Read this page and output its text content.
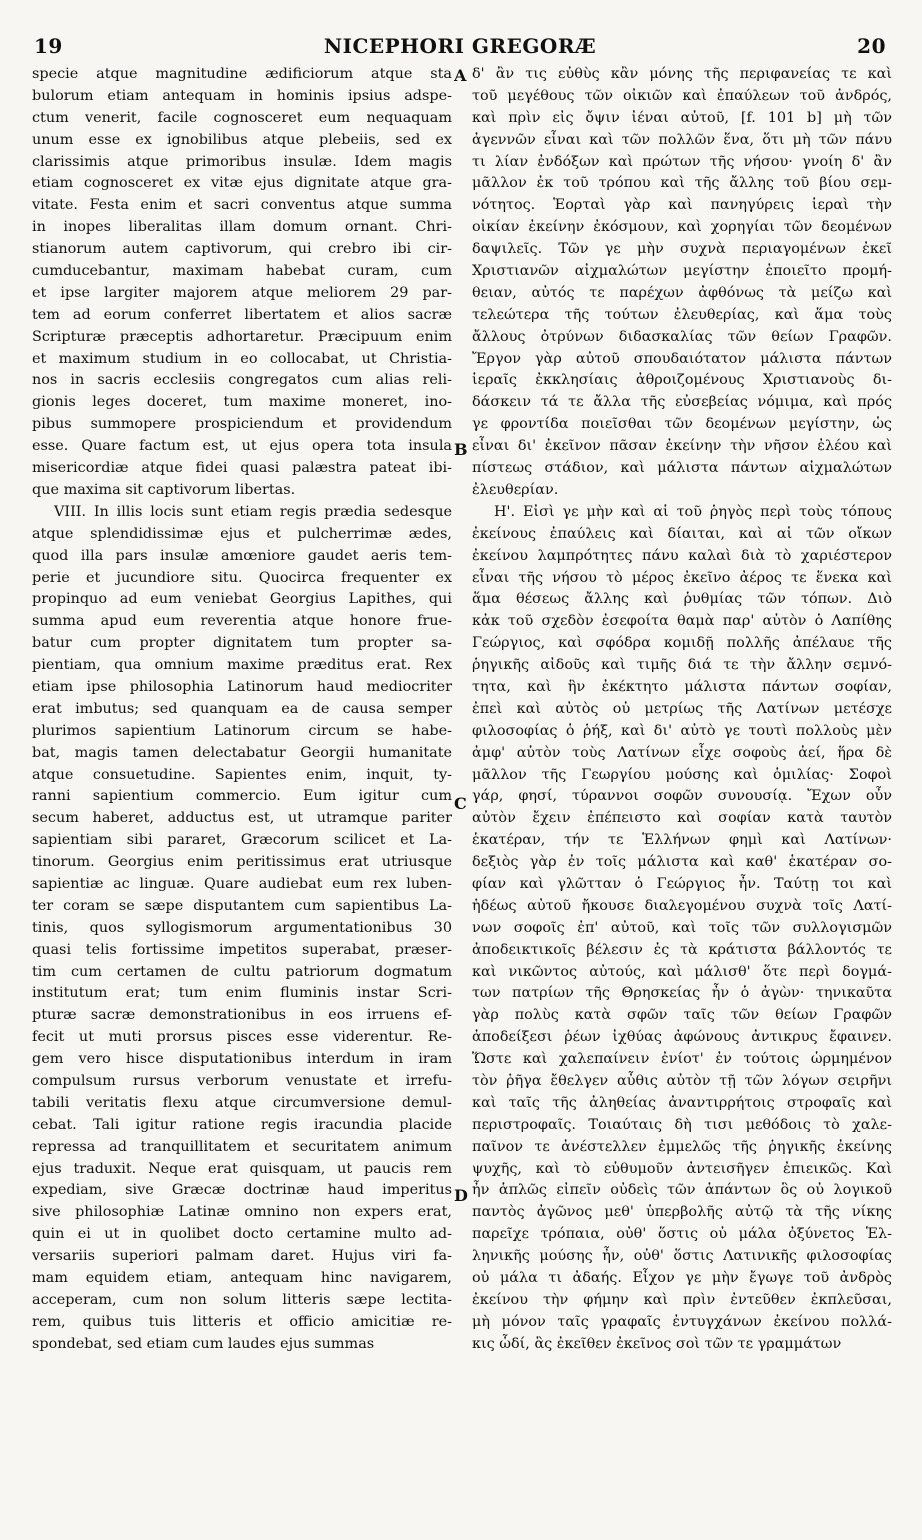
19	NICEPHORI GREGORÆ	20
specie atque magnitudine ædificiorum atque sta
bulorum etiam antequam in hominis ipsius adspe-
ctum venerit, facile cognosceret eum nequaquam
unum esse ex ignobilibus atque plebeiis, sed ex
clarissimis atque primoribus insulæ. Idem magis
etiam cognosceret ex vitæ ejus dignitate atque gra-
vitate. Festa enim et sacri conventus atque summa
in inopes liberalitas illam domum ornant. Chri-
stianorum autem captivorum, qui crebro ibi cir-
cumducebantur, maximam habebat curam, cum
et ipse largiter majorem atque meliorem 29 par-
tem ad eorum conferret libertatem et alios sacræ
Scripturæ præceptis adhortaretur. Præcipuum enim
et maximum studium in eo collocabat, ut Christia-
nos in sacris ecclesiis congregatos cum alias reli-
gionis leges doceret, tum maxime moneret, ino-
pibus summopere prospiciendum et providendum
esse. Quare factum est, ut ejus opera tota insula
misericordiæ atque fidei quasi palæstra pateat ibi-
que maxima sit captivorum libertas.
VIII. In illis locis sunt etiam regis prædia sedesque
atque splendidissimæ ejus et pulcherrimæ ædes,
quod illa pars insulæ amœniore gaudet aeris tem-
perie et jucundiore situ. Quocirca frequenter ex
propinquo ad eum veniebat Georgius Lapithes, qui
summa apud eum reverentia atque honore frue-
batur cum propter dignitatem tum propter sa-
pientiam, qua omnium maxime præditus erat. Rex
etiam ipse philosophia Latinorum haud mediocriter
erat imbutus; sed quanquam ea de causa semper
plurimos sapientium Latinorum circum se habe-
bat, magis tamen delectabatur Georgii humanitate
atque consuetudine. Sapientes enim, inquit, ty-
ranni sapientium commercio. Eum igitur cum
secum haberet, adductus est, ut utramque pariter
sapientiam sibi pararet, Græcorum scilicet et La-
tinorum. Georgius enim peritissimus erat utriusque
sapientiæ ac linguæ. Quare audiebat eum rex luben-
ter coram se sæpe disputantem cum sapientibus La-
tinis, quos syllogismorum argumentationibus 30
quasi telis fortissime impetitos superabat, præser-
tim cum certamen de cultu patriorum dogmatum
institutum erat; tum enim fluminis instar Scri-
pturæ sacræ demonstrationibus in eos irruens ef-
fecit ut muti prorsus pisces esse viderentur. Re-
gem vero hisce disputationibus interdum in iram
compulsum rursus verborum venustate et irrefu-
tabili veritatis flexu atque circumversione demul-
cebat. Tali igitur ratione regis iracundia placide
repressa ad tranquillitatem et securitatem animum
ejus traduxit. Neque erat quisquam, ut paucis rem
expediam, sive Græcæ doctrinæ haud imperitus
sive philosophiæ Latinæ omnino non expers erat,
quin ei ut in quolibet docto certamine multo ad-
versariis superiori palmam daret. Hujus viri fa-
mam equidem etiam, antequam hinc navigarem,
acceperam, cum non solum litteris sæpe lectita-
rem, quibus tuis litteris et officio amicitiæ re-
spondebat, sed etiam cum laudes ejus summas
δ' ἂν τις εὐθὺς κἂν μόνης τῆς περιφανείας τε καὶ
τοῦ μεγέθους τῶν οἰκιῶν καὶ ἐπαύλεων τοῦ ἀνδρός,
καὶ πρὶν εἰς ὄψιν ἰέναι αὐτοῦ, [f. 101 b] μὴ τῶν
ἀγεννῶν εἶναι καὶ τῶν πολλῶν ἕνα, ὅτι μὴ τῶν πάνυ
τι λίαν ἐνδόξων καὶ πρώτων τῆς νήσου· γνοίη δ' ἂν
μᾶλλον ἐκ τοῦ τρόπου καὶ τῆς ἄλλης τοῦ βίου σεμ-
νότητος. Ἑορταὶ γὰρ καὶ πανηγύρεις ἱεραὶ τὴν
οἰκίαν ἐκείνην ἐκόσμουν, καὶ χορηγίαι τῶν δεομένων
δαψιλεῖς. Τῶν γε μὴν συχνὰ περιαγομένων ἐκεῖ
Χριστιανῶν αἰχμαλώτων μεγίστην ἐποιεῖτο προμή-
θειαν, αὐτός τε παρέχων ἀφθόνως τὰ μείζω καὶ
τελεώτερα τῆς τούτων ἐλευθερίας, καὶ ἅμα τοὺς
ἄλλους ὀτρύνων διδασκαλίας τῶν θείων Γραφῶν.
Ἔργον γὰρ αὐτοῦ σπουδαιότατον μάλιστα πάντων
ἱεραῖς ἐκκλησίαις ἀθροιζομένους Χριστιανοὺς δι-
δάσκειν τά τε ἄλλα τῆς εὐσεβείας νόμιμα, καὶ πρός
γε φροντίδα ποιεῖσθαι τῶν δεομένων μεγίστην, ὡς
εἶναι δι' ἐκεῖνον πᾶσαν ἐκείνην τὴν νῆσον ἐλέου καὶ
πίστεως στάδιον, καὶ μάλιστα πάντων αἰχμαλώτων
ἐλευθερίαν.
Η'. Εἰσὶ γε μὴν καὶ αἱ τοῦ ῥηγὸς περὶ τοὺς τόπους
ἐκείνους ἐπαύλεις καὶ δίαιται, καὶ αἱ τῶν οἴκων
ἐκείνου λαμπρότητες πάνυ καλαὶ διὰ τὸ χαριέστερον
εἶναι τῆς νήσου τὸ μέρος ἐκεῖνο ἀέρος τε ἕνεκα καὶ
ἅμα θέσεως ἄλλης καὶ ῥυθμίας τῶν τόπων. Διὸ
κἀκ τοῦ σχεδὸν ἐσεφοίτα θαμὰ παρ' αὐτὸν ὁ Λαπίθης
Γεώργιος, καὶ σφόδρα κομιδῇ πολλῆς ἀπέλαυε τῆς
ῥηγικῆς αἰδοῦς καὶ τιμῆς διά τε τὴν ἄλλην σεμνό-
τητα, καὶ ἣν ἐκέκτητο μάλιστα πάντων σοφίαν,
ἐπεὶ καὶ αὐτὸς οὐ μετρίως τῆς Λατίνων μετέσχε
φιλοσοφίας ὁ ῥήξ, καὶ δι' αὐτὸ γε τουτὶ πολλοὺς μὲν
ἀμφ' αὐτὸν τοὺς Λατίνων εἶχε σοφοὺς ἀεί, ἥρα δὲ
μᾶλλον τῆς Γεωργίου μούσης καὶ ὁμιλίας· Σοφοὶ
γάρ, φησί, τύραννοι σοφῶν συνουσίᾳ. Ἔχων οὖν
αὐτὸν ἔχειν ἐπέπειστο καὶ σοφίαν κατὰ ταυτὸν
ἑκατέραν, τήν τε Ἑλλήνων φημὶ καὶ Λατίνων·
δεξιὸς γὰρ ἐν τοῖς μάλιστα καὶ καθ' ἑκατέραν σο-
φίαν καὶ γλῶτταν ὁ Γεώργιος ἦν. Ταύτῃ τοι καὶ
ἡδέως αὐτοῦ ἤκουσε διαλεγομένου συχνὰ τοῖς Λατί-
νων σοφοῖς ἐπ' αὐτοῦ, καὶ τοῖς τῶν συλλογισμῶν
ἀποδεικτικοῖς βέλεσιν ἐς τὰ κράτιστα βάλλοντός τε
καὶ νικῶντος αὐτούς, καὶ μάλισθ' ὅτε περὶ δογμά-
των πατρίων τῆς Θρησκείας ἦν ὁ ἀγὼν· τηνικαῦτα
γὰρ πολὺς κατὰ σφῶν ταῖς τῶν θείων Γραφῶν
ἀποδείξεσι ῥέων ἰχθύας ἀφώνους ἀντικρυς ἔφαινεν.
Ὥστε καὶ χαλεπαίνειν ἐνίοτ' ἐν τούτοις ὡρμημένον
τὸν ῥῆγα ἔθελγεν αὖθις αὐτὸν τῇ τῶν λόγων σειρῆνι
καὶ ταῖς τῆς ἀληθείας ἀναντιρρήτοις στροφαῖς καὶ
περιστροφαῖς. Τοιαύταις δὴ τισι μεθόδοις τὸ χαλε-
παῖνον τε ἀνέστελλεν ἐμμελῶς τῆς ῥηγικῆς ἐκείνης
ψυχῆς, καὶ τὸ εὐθυμοῦν ἀντεισῆγεν ἐπιεικῶς. Καὶ
ἦν ἁπλῶς εἰπεῖν οὐδεὶς τῶν ἁπάντων ὃς οὐ λογικοῦ
παντὸς ἀγῶνος μεθ' ὑπερβολῆς αὐτῷ τὰ τῆς νίκης
παρεῖχε τρόπαια, οὐθ' ὅστις οὐ μάλα ὀξύνετος Ἑλ-
ληνικῆς μούσης ἦν, οὐθ' ὅστις Λατινικῆς φιλοσοφίας
οὐ μάλα τι ἀδαής. Εἶχον γε μὴν ἔγωγε τοῦ ἀνδρὸς
ἐκείνου τὴν φήμην καὶ πρὶν ἐντεῦθεν ἐκπλεῦσαι,
μὴ μόνον ταῖς γραφαῖς ἐντυγχάνων ἐκείνου πολλά-
κις ὧδί, ἃς ἐκεῖθεν ἐκεῖνος σοὶ τῶν τε γραμμάτων
A
B
C
D
